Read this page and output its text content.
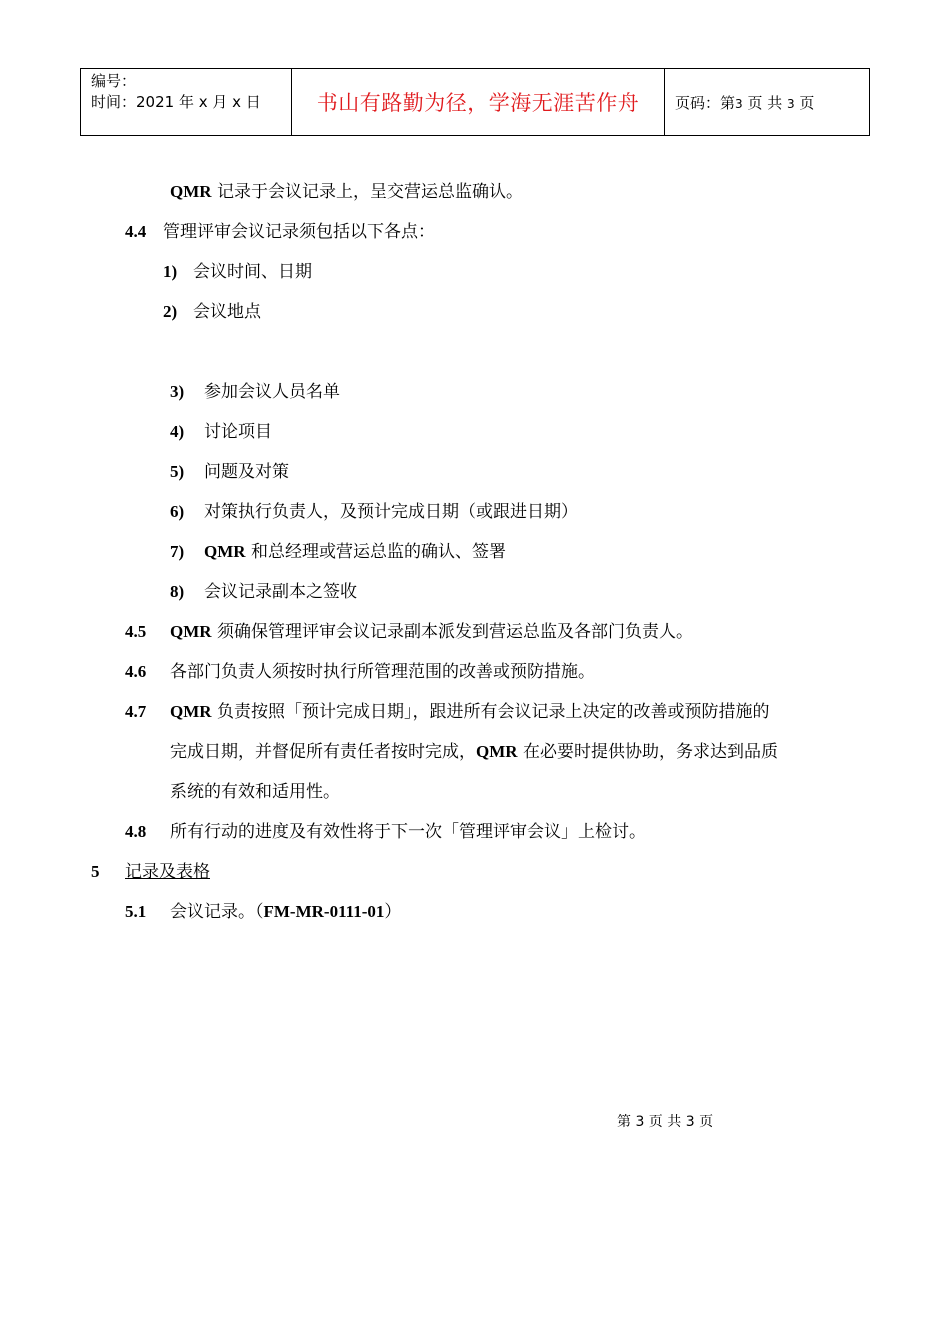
编号：
时间：2021 年 x 月 x 日	书山有路勤为径，学海无涯苦作舟	页码：第3 页 共 3 页
QMR 记录于会议记录上，呈交营运总监确认。
4.4 管理评审会议记录须包括以下各点：
1) 会议时间、日期
2) 会议地点
3) 参加会议人员名单
4) 讨论项目
5) 问题及对策
6) 对策执行负责人，及预计完成日期（或跟进日期）
7) QMR 和总经理或营运总监的确认、签署
8) 会议记录副本之签收
4.5 QMR 须确保管理评审会议记录副本派发到营运总监及各部门负责人。
4.6 各部门负责人须按时执行所管理范围的改善或预防措施。
4.7 QMR 负责按照「预计完成日期」，跟进所有会议记录上决定的改善或预防措施的
完成日期，并督促所有责任者按时完成，QMR 在必要时提供协助，务求达到品质
系统的有效和适用性。
4.8 所有行动的进度及有效性将于下一次「管理评审会议」上检讨。
5 记录及表格
5.1 会议记录。（FM-MR-0111-01）
第 3 页 共 3 页
